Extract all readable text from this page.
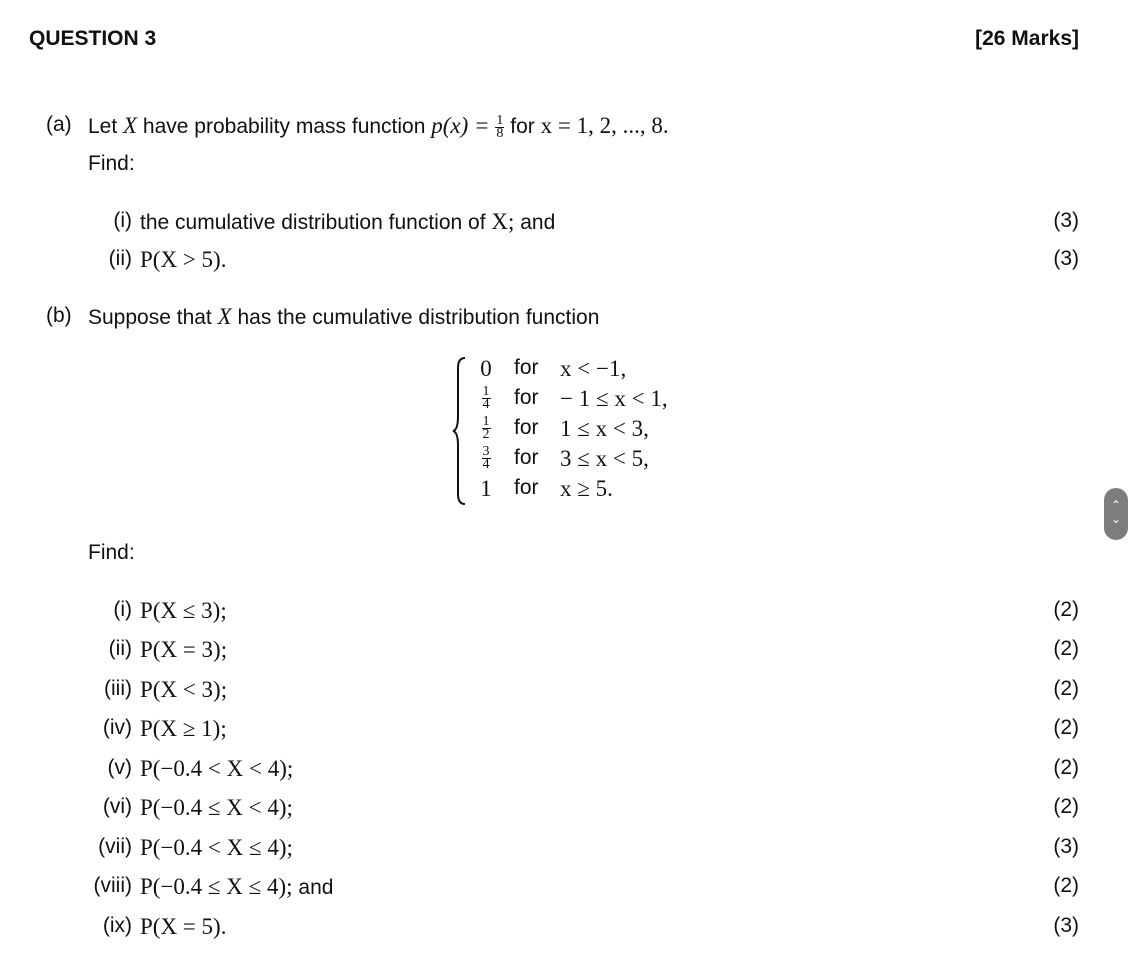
QUESTION 3	[26 Marks]
(a) Let X have probability mass function $p(x) = \frac{1}{8}$ for x = 1, 2, ..., 8.
Find:
(i) the cumulative distribution function of X; and	(3)
(ii) P(X > 5).	(3)
(b) Suppose that X has the cumulative distribution function
0 for x < −1,
$\frac{1}{4}$ for − 1 ≤ x < 1,
$\frac{1}{2}$ for 1 ≤ x < 3,
$\frac{3}{4}$ for 3 ≤ x < 5,
1 for x ≥ 5.
Find:
(i) P(X ≤ 3);	(2)
(ii) P(X = 3);	(2)
(iii) P(X < 3);	(2)
(iv) P(X ≥ 1);	(2)
(v) P(−0.4 < X < 4);	(2)
(vi) P(−0.4 ≤ X < 4);	(2)
(vii) P(−0.4 < X ≤ 4);	(3)
(viii) P(−0.4 ≤ X ≤ 4); and	(2)
(ix) P(X = 5).	(3)
⌃
⌄
